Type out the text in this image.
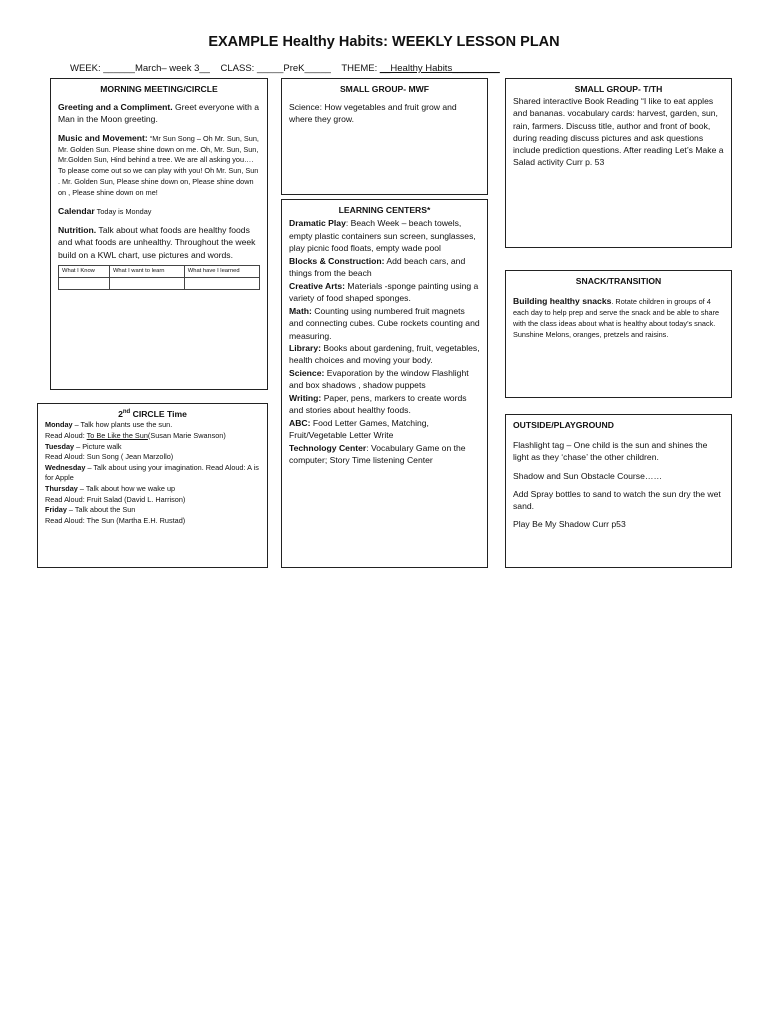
EXAMPLE Healthy Habits: WEEKLY LESSON PLAN
WEEK: ______March– week 3__ CLASS: _____PreK_____ THEME: __Healthy Habits_________
MORNING MEETING/CIRCLE

Greeting and a Compliment. Greet everyone with a Man in the Moon greeting.

Music and Movement: “Mr Sun Song – Oh Mr. Sun, Sun, Mr. Golden Sun. Please shine down on me. Oh, Mr. Sun, Sun, Mr.Golden Sun, Hind behind a tree. We are all asking you…. To please come out so we can play with you! Oh Mr. Sun, Sun . Mr. Golden Sun, Please shine down on, Please shine down on , Please shine down on me!

Calendar Today is Monday

Nutrition. Talk about what foods are healthy foods and what foods are unhealthy. Throughout the week build on a KWL chart, use pictures and words.

What I Know	What I want to learn	What have I learned

SMALL GROUP- MWF

Science: How vegetables and fruit grow and where they grow.

SMALL GROUP- T/TH

Shared interactive Book Reading “I like to eat apples and bananas. vocabulary cards: harvest, garden, sun, rain, farmers. Discuss title, author and front of book, during reading discuss pictures and ask questions include prediction questions. After reading Let’s Make a Salad activity Curr p. 53

LEARNING CENTERS*
Dramatic Play: Beach Week – beach towels, empty plastic containers sun screen, sunglasses, play picnic food floats, empty wade pool
Blocks & Construction: Add beach cars, and things from the beach
Creative Arts: Materials -sponge painting using a variety of food shaped sponges.
Math: Counting using numbered fruit magnets and connecting cubes. Cube rockets counting and measuring.
Library: Books about gardening, fruit, vegetables, health choices and moving your body.
Science: Evaporation by the window Flashlight and box shadows , shadow puppets
Writing: Paper, pens, markers to create words and stories about healthy foods.
ABC: Food Letter Games, Matching, Fruit/Vegetable Letter Write
Technology Center: Vocabulary Game on the computer; Story Time listening Center
SNACK/TRANSITION

Building healthy snacks. Rotate children in groups of 4 each day to help prep and serve the snack and be able to share with the class ideas about what is healthy about today’s snack. Sunshine Melons, oranges, pretzels and raisins.

2nd CIRCLE Time
Monday – Talk how plants use the sun.
Read Aloud: To Be Like the Sun(Susan Marie Swanson)
Tuesday – Picture walk
Read Aloud: Sun Song ( Jean Marzollo)
Wednesday – Talk about using your imagination. Read Aloud: A is for Apple
Thursday – Talk about how we wake up
Read Aloud: Fruit Salad (David L. Harrison)
Friday – Talk about the Sun
Read Aloud: The Sun (Martha E.H. Rustad)
OUTSIDE/PLAYGROUND

Flashlight tag – One child is the sun and shines the light as they ‘chase’ the other children.

Shadow and Sun Obstacle Course……

Add Spray bottles to sand to watch the sun dry the wet sand.

Play Be My Shadow Curr p53
